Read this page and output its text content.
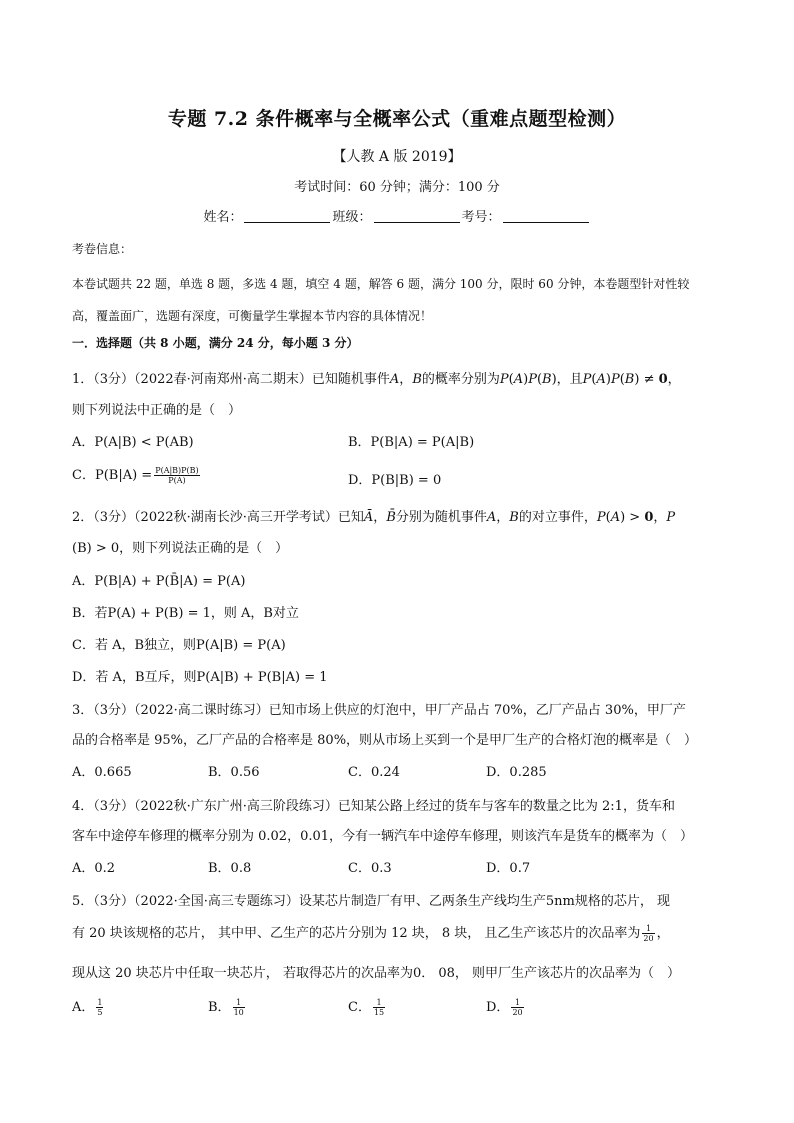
专题 7.2 条件概率与全概率公式（重难点题型检测）
【人教 A 版 2019】
考试时间：60 分钟；满分：100 分
姓名：	班级：	考号：
考卷信息：
本卷试题共 22 题，单选 8 题，多选 4 题，填空 4 题，解答 6 题，满分 100 分，限时 60 分钟，本卷题型针对性较
高，覆盖面广，选题有深度，可衡量学生掌握本节内容的具体情况！
一．选择题（共 8 小题，满分 24 分，每小题 3 分）
1．（3分）（2022春·河南郑州·高二期末）已知随机事件A，B的概率分别为P(A)P(B)，且P(A)P(B) ≠ 0，
则下列说法中正确的是（　）
A．P(A|B) < P(AB)	B．P(B|A) = P(A|B)
C．$P(B|A) = \frac{P(A|B)P(B)}{P(A)}$	D．P(B|B) = 0
2．（3分）（2022秋·湖南长沙·高三开学考试）已知Ā，B̄分别为随机事件A，B的对立事件，P(A) > 0，P
(B) > 0，则下列说法正确的是（　）
A．P(B|A) + P(B̄|A) = P(A)
B．若P(A) + P(B) = 1，则 A，B对立
C．若 A，B独立，则P(A|B) = P(A)
D．若 A，B互斥，则P(A|B) + P(B|A) = 1
3．（3分）（2022·高二课时练习）已知市场上供应的灯泡中，甲厂产品占 70%，乙厂产品占 30%，甲厂产
品的合格率是 95%，乙厂产品的合格率是 80%，则从市场上买到一个是甲厂生产的合格灯泡的概率是（　）
A．0.665	B．0.56	C．0.24	D．0.285
4．（3分）（2022秋·广东广州·高三阶段练习）已知某公路上经过的货车与客车的数量之比为 2:1，货车和
客车中途停车修理的概率分别为 0.02，0.01，今有一辆汽车中途停车修理，则该汽车是货车的概率为（　）
A．0.2	B．0.8	C．0.3	D．0.7
5．（3分）（2022·全国·高三专题练习）设某芯片制造厂有甲、乙两条生产线均生产5nm规格的芯片， 现
有 20 块该规格的芯片， 其中甲、乙生产的芯片分别为 12 块， 8 块， 且乙生产该芯片的次品率为 $\frac{1}{20}$ ，
现从这 20 块芯片中任取一块芯片， 若取得芯片的次品率为0． 08， 则甲厂生产该芯片的次品率为（　）
A． $\frac{1}{5}$	B． $\frac{1}{10}$	C． $\frac{1}{15}$	D． $\frac{1}{20}$
